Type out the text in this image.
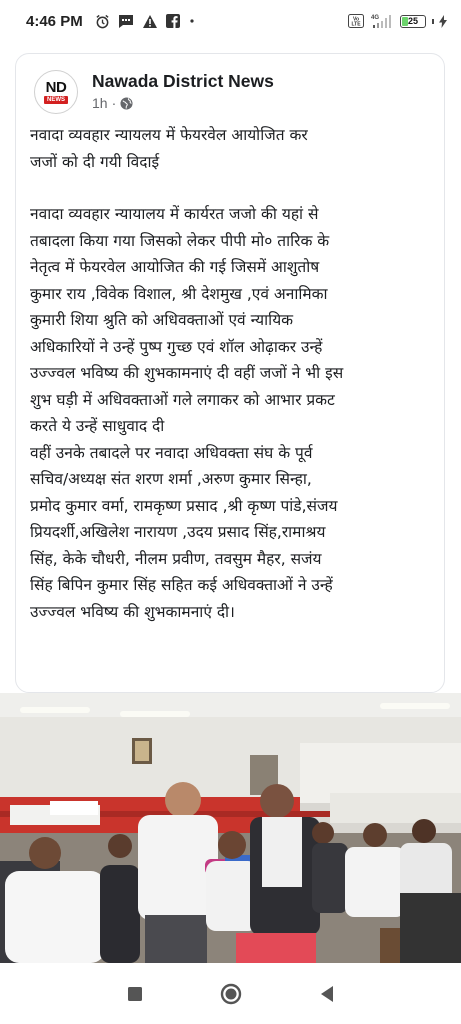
4:46 PM	Vo
LTE
4G	25
ND
NEWS
Nawada District News
1h ·

नवादा व्यवहार न्यायलय में फेयरवेल आयोजित कर

जजों को दी गयी विदाई

नवादा व्यवहार न्यायालय में कार्यरत जजो की यहां से

तबादला किया गया जिसको लेकर पीपी मो० तारिक के

नेतृत्व में फेयरवेल आयोजित की गई जिसमें आशुतोष

कुमार राय ,विवेक विशाल, श्री देशमुख ,एवं अनामिका

कुमारी शिया श्रुति को अधिवक्ताओं एवं न्यायिक

अधिकारियों ने उन्हें पुष्प गुच्छ एवं शॉल ओढ़ाकर उन्हें

उज्ज्वल भविष्य की शुभकामनाएं दी वहीं जजों ने भी इस

शुभ घड़ी में अधिवक्ताओं गले लगाकर को आभार प्रकट

करते ये उन्हें साधुवाद दी

वहीं उनके तबादले पर नवादा अधिवक्ता संघ के पूर्व

सचिव/अध्यक्ष संत शरण शर्मा ,अरुण कुमार सिन्हा,

प्रमोद कुमार वर्मा, रामकृष्ण प्रसाद ,श्री कृष्ण पांडे,संजय

प्रियदर्शी,अखिलेश नारायण ,उदय प्रसाद सिंह,रामाश्रय

सिंह, केके चौधरी, नीलम प्रवीण, तवसुम मैहर, सजंय

सिंह बिपिन कुमार सिंह सहित कई अधिवक्ताओं ने उन्हें

उज्ज्वल भविष्य की शुभकामनाएं दी।
